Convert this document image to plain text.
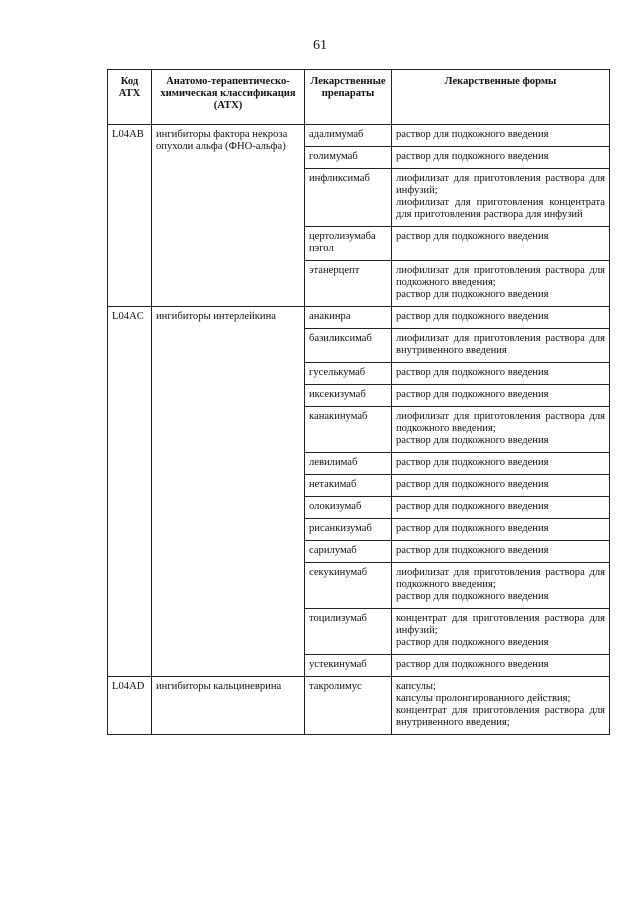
61
Код АТХ	Анатомо-терапевтическо-химическая классификация (АТХ)	Лекарственные препараты	Лекарственные формы
L04AB	ингибиторы фактора некроза опухоли альфа (ФНО-альфа)	адалимумаб	раствор для подкожного введения

		голимумаб	раствор для подкожного введения

		инфликсимаб	лиофилизат для приготовления раствора для инфузий;
лиофилизат для приготовления концентрата для приготовления раствора для инфузий

		цертолизумаба пэгол	раствор для подкожного введения

		этанерцепт	лиофилизат для приготовления раствора для подкожного введения;
раствор для подкожного введения

L04AC	ингибиторы интерлейкина	анакинра	раствор для подкожного введения

		базиликсимаб	лиофилизат для приготовления раствора для внутривенного введения

		гуселькумаб	раствор для подкожного введения

		иксекизумаб	раствор для подкожного введения

		канакинумаб	лиофилизат для приготовления раствора для подкожного введения;
раствор для подкожного введения

		левилимаб	раствор для подкожного введения

		нетакимаб	раствор для подкожного введения

		олокизумаб	раствор для подкожного введения

		рисанкизумаб	раствор для подкожного введения

		сарилумаб	раствор для подкожного введения

		секукинумаб	лиофилизат для приготовления раствора для подкожного введения;
раствор для подкожного введения

		тоцилизумаб	концентрат для приготовления раствора для инфузий;
раствор для подкожного введения

		устекинумаб	раствор для подкожного введения

L04AD	ингибиторы кальциневрина	такролимус	капсулы;
капсулы пролонгированного действия;
концентрат для приготовления раствора для внутривенного введения;
